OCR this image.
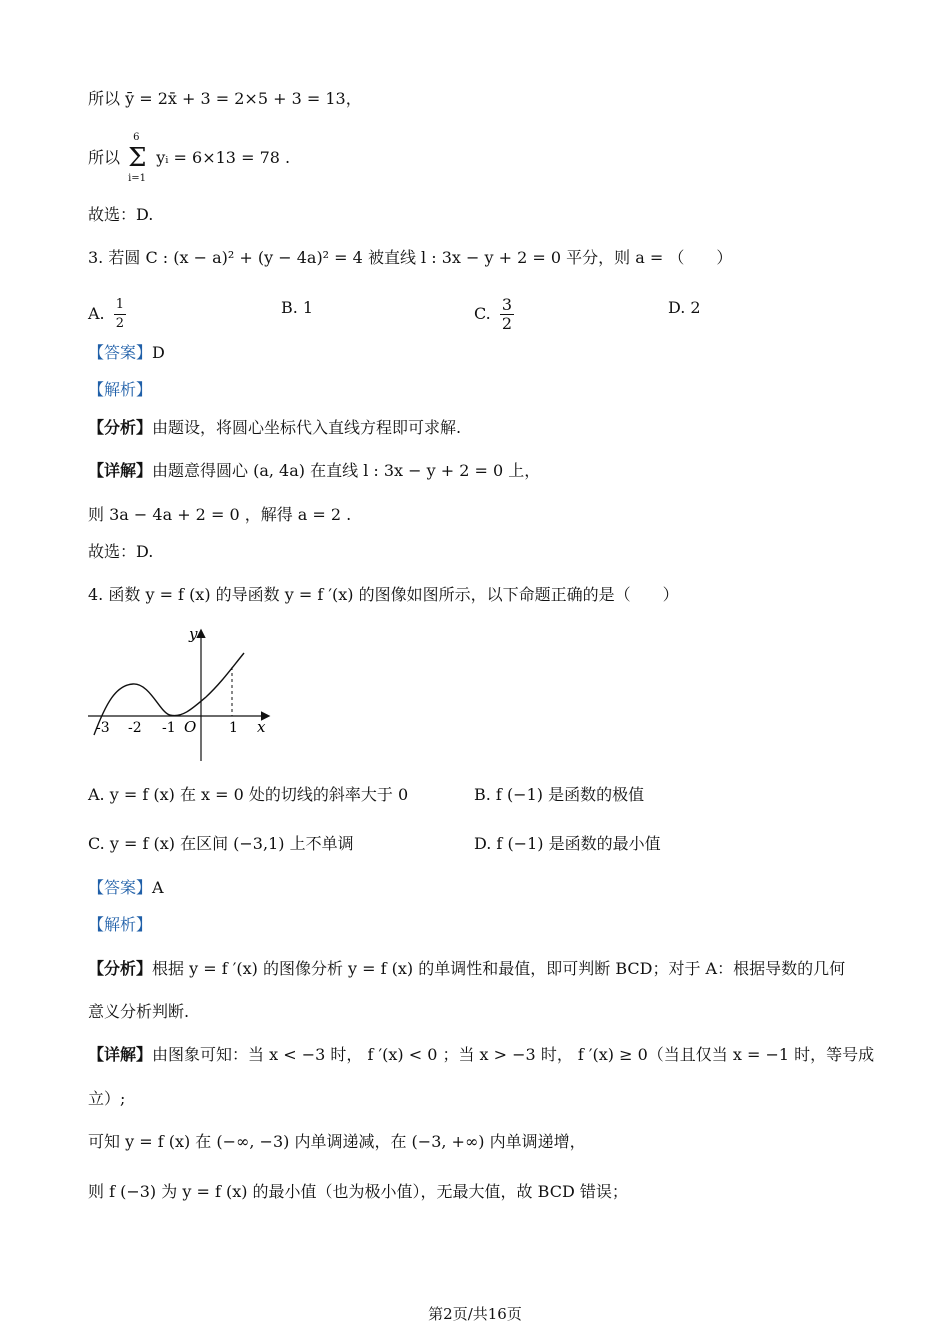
所以 ȳ = 2x̄ + 3 = 2×5 + 3 = 13，
所以
6
Σ
i=1
yᵢ = 6×13 = 78 .
故选：D.
3. 若圆 C : (x − a)² + (y − 4a)² = 4 被直线 l : 3x − y + 2 = 0 平分，则 a = （　　）
A. $\frac{1}{2}$	B. 1	C. $\frac{3}{2}$	D. 2
【答案】D
【解析】
【分析】由题设，将圆心坐标代入直线方程即可求解.
【详解】由题意得圆心 (a, 4a) 在直线 l : 3x − y + 2 = 0 上，
则 3a − 4a + 2 = 0 ，解得 a = 2 .
故选：D.
4. 函数 y = f (x) 的导函数 y = f ′(x) 的图像如图所示，以下命题正确的是（　　）
y
x
O
-3 -2 -1	1
A. y = f (x) 在 x = 0 处的切线的斜率大于 0	B. f (−1) 是函数的极值
C. y = f (x) 在区间 (−3,1) 上不单调	D. f (−1) 是函数的最小值
【答案】A
【解析】
【分析】根据 y = f ′(x) 的图像分析 y = f (x) 的单调性和最值，即可判断 BCD；对于 A：根据导数的几何
意义分析判断.
【详解】由图象可知：当 x < −3 时， f ′(x) < 0 ；当 x > −3 时， f ′(x) ≥ 0（当且仅当 x = −1 时，等号成
立）;
可知 y = f (x) 在 (−∞, −3) 内单调递减，在 (−3, +∞) 内单调递增，
则 f (−3) 为 y = f (x) 的最小值（也为极小值），无最大值，故 BCD 错误；
第2页/共16页
